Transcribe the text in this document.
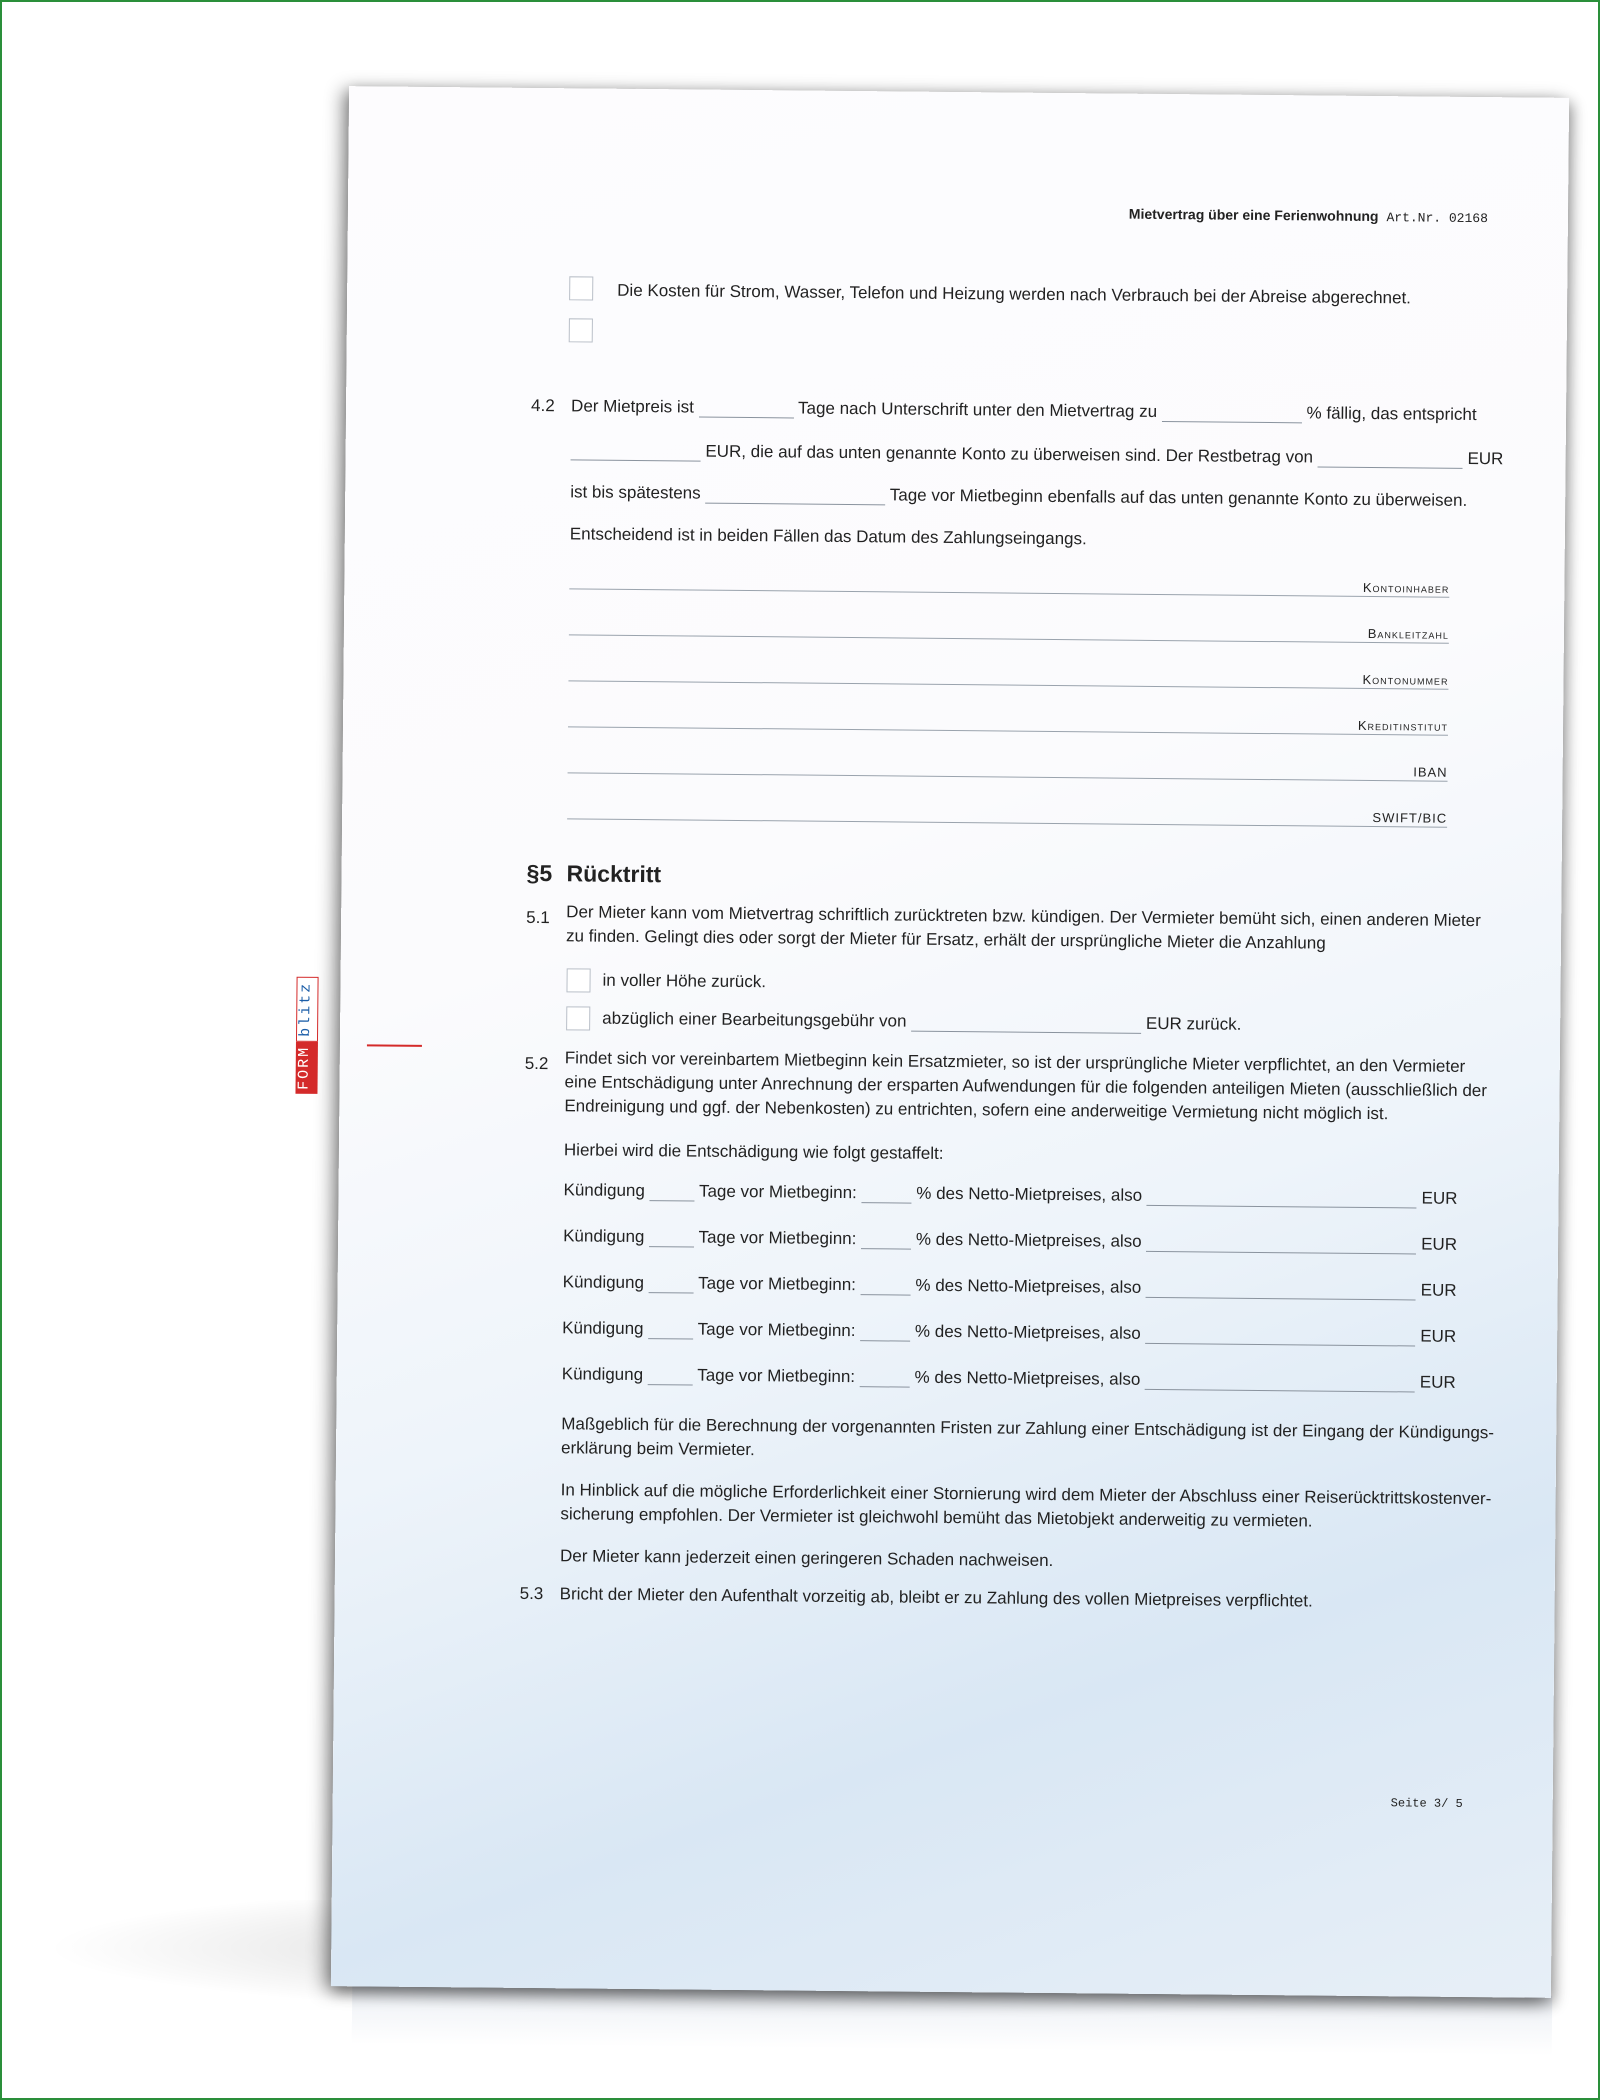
Mietvertrag über eine Ferienwohnung Art.Nr. 02168
Die Kosten für Strom, Wasser, Telefon und Heizung werden nach Verbrauch bei der Abreise abgerechnet.
4.2 Der Mietpreis ist	Tage nach Unterschrift unter den Mietvertrag zu	% fällig, das entspricht
EUR, die auf das unten genannte Konto zu überweisen sind. Der Restbetrag von	EUR
ist bis spätestens	Tage vor Mietbeginn ebenfalls auf das unten genannte Konto zu überweisen.
Entscheidend ist in beiden Fällen das Datum des Zahlungseingangs.
Kontoinhaber
Bankleitzahl
Kontonummer
Kreditinstitut
IBAN
SWIFT/BIC
§5 Rücktritt
5.1 Der Mieter kann vom Mietvertrag schriftlich zurücktreten bzw. kündigen. Der Vermieter bemüht sich, einen anderen Mieter
zu finden. Gelingt dies oder sorgt der Mieter für Ersatz, erhält der ursprüngliche Mieter die Anzahlung
in voller Höhe zurück.
abzüglich einer Bearbeitungsgebühr von	EUR zurück.
5.2 Findet sich vor vereinbartem Mietbeginn kein Ersatzmieter, so ist der ursprüngliche Mieter verpflichtet, an den Vermieter
eine Entschädigung unter Anrechnung der ersparten Aufwendungen für die folgenden anteiligen Mieten (ausschließlich der
Endreinigung und ggf. der Nebenkosten) zu entrichten, sofern eine anderweitige Vermietung nicht möglich ist.
Hierbei wird die Entschädigung wie folgt gestaffelt:
Kündigung	Tage vor Mietbeginn:	% des Netto-Mietpreises, also	EUR
Kündigung	Tage vor Mietbeginn:	% des Netto-Mietpreises, also	EUR
Kündigung	Tage vor Mietbeginn:	% des Netto-Mietpreises, also	EUR
Kündigung	Tage vor Mietbeginn:	% des Netto-Mietpreises, also	EUR
Kündigung	Tage vor Mietbeginn:	% des Netto-Mietpreises, also	EUR
Maßgeblich für die Berechnung der vorgenannten Fristen zur Zahlung einer Entschädigung ist der Eingang der Kündigungs-
erklärung beim Vermieter.
In Hinblick auf die mögliche Erforderlichkeit einer Stornierung wird dem Mieter der Abschluss einer Reiserücktrittskostenver-
sicherung empfohlen. Der Vermieter ist gleichwohl bemüht das Mietobjekt anderweitig zu vermieten.
Der Mieter kann jederzeit einen geringeren Schaden nachweisen.
5.3 Bricht der Mieter den Aufenthalt vorzeitig ab, bleibt er zu Zahlung des vollen Mietpreises verpflichtet.
FORM
blitz
Seite 3/ 5
